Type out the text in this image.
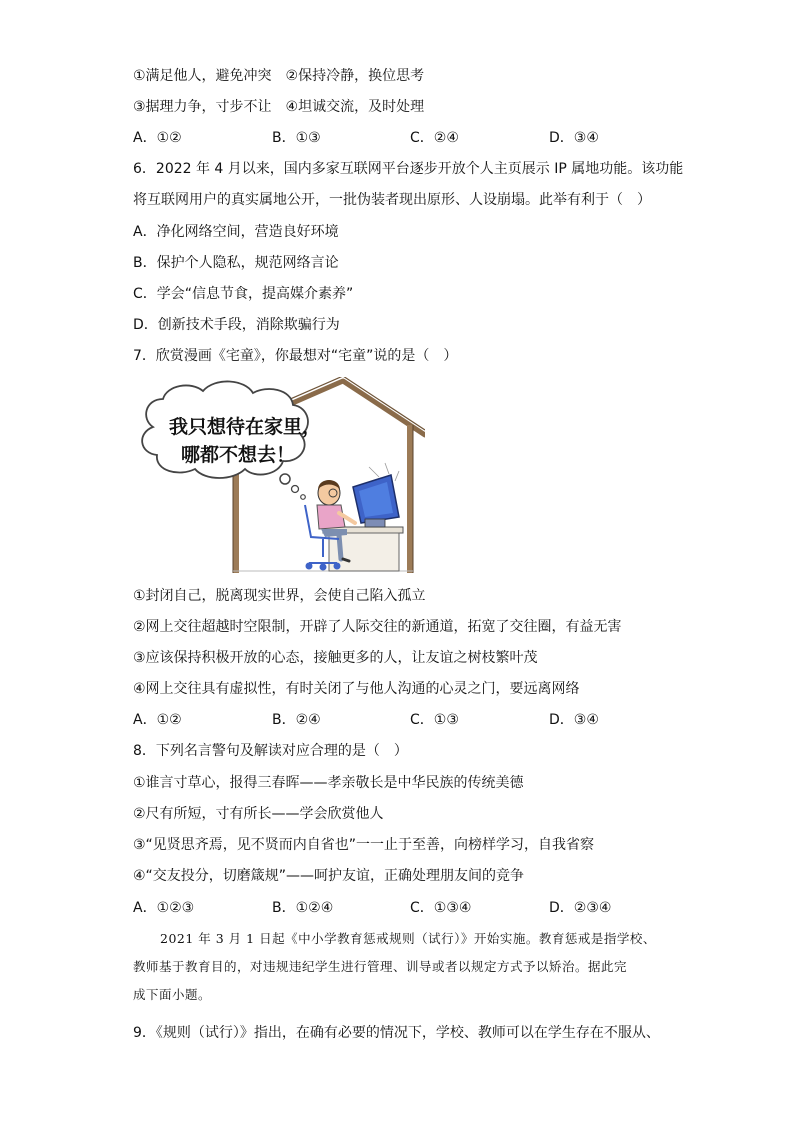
①满足他人，避免冲突　②保持冷静，换位思考
③据理力争，寸步不让　④坦诚交流，及时处理
A．①②	B．①③	C．②④	D．③④
6．2022 年 4 月以来，国内多家互联网平台逐步开放个人主页展示 IP 属地功能。该功能
将互联网用户的真实属地公开，一批伪装者现出原形、人设崩塌。此举有利于（　）
A．净化网络空间，营造良好环境
B．保护个人隐私，规范网络言论
C．学会“信息节食，提高媒介素养”
D．创新技术手段，消除欺骗行为
7．欣赏漫画《宅童》，你最想对“宅童”说的是（　）
我只想待在家里，
哪都不想去！
①封闭自己，脱离现实世界，会使自己陷入孤立
②网上交往超越时空限制，开辟了人际交往的新通道，拓宽了交往圈，有益无害
③应该保持积极开放的心态，接触更多的人，让友谊之树枝繁叶茂
④网上交往具有虚拟性，有时关闭了与他人沟通的心灵之门，要远离网络
A．①②	B．②④	C．①③	D．③④
8．下列名言警句及解读对应合理的是（　）
①谁言寸草心，报得三春晖——孝亲敬长是中华民族的传统美德
②尺有所短，寸有所长——学会欣赏他人
③“见贤思齐焉，见不贤而内自省也”一一止于至善，向榜样学习，自我省察
④“交友投分，切磨箴规”——呵护友谊，正确处理朋友间的竞争
A．①②③	B．①②④	C．①③④	D．②③④

2021 年 3 月 1 日起《中小学教育惩戒规则（试行）》开始实施。教育惩戒是指学校、

教师基于教育目的，对违规违纪学生进行管理、训导或者以规定方式予以矫治。据此完

成下面小题。

9．《规则（试行）》指出，在确有必要的情况下，学校、教师可以在学生存在不服从、
